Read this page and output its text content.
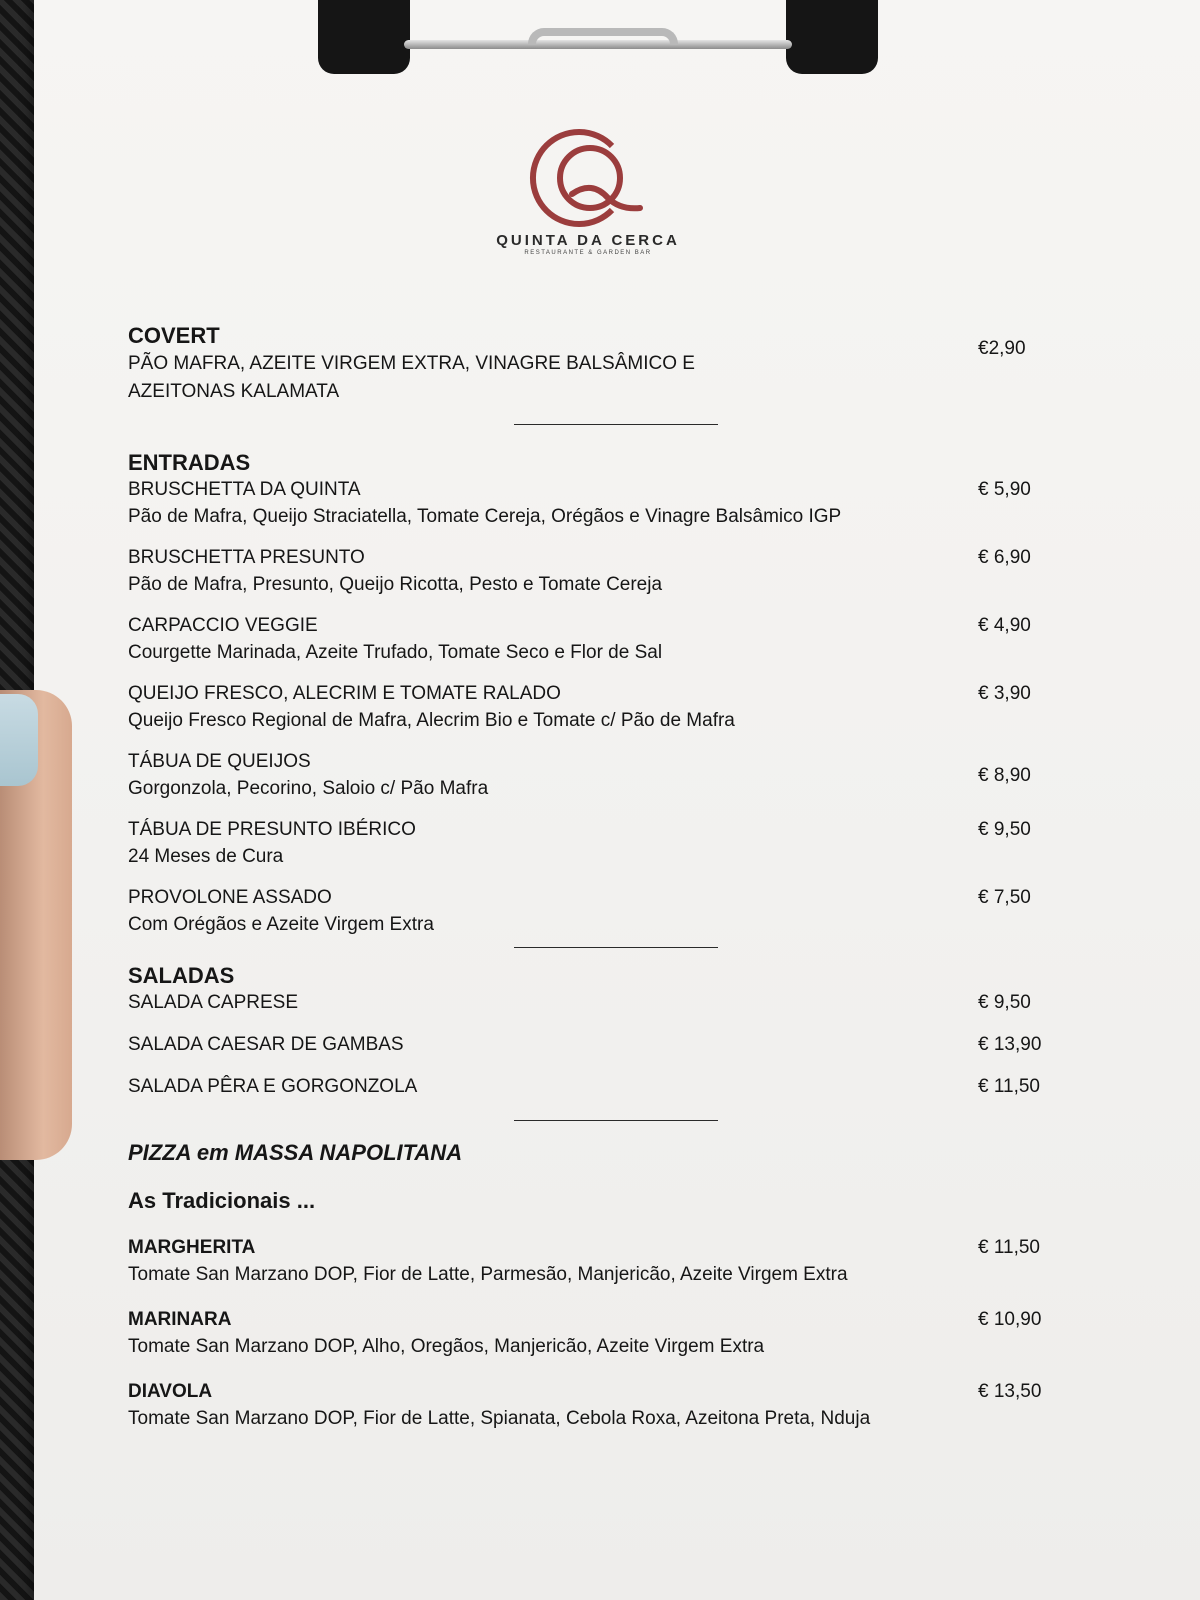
QUINTA DA CERCA
RESTAURANTE & GARDEN BAR
COVERT
PÃO MAFRA, AZEITE VIRGEM EXTRA, VINAGRE BALSÂMICO E
AZEITONAS KALAMATA
€2,90
ENTRADAS
BRUSCHETTA DA QUINTA
Pão de Mafra, Queijo Straciatella, Tomate Cereja, Orégãos e Vinagre Balsâmico IGP
€ 5,90
BRUSCHETTA PRESUNTO
Pão de Mafra, Presunto, Queijo Ricotta, Pesto e Tomate Cereja
€ 6,90
CARPACCIO VEGGIE
Courgette Marinada, Azeite Trufado, Tomate Seco e Flor de Sal
€ 4,90
QUEIJO FRESCO, ALECRIM E TOMATE RALADO
Queijo Fresco Regional de Mafra, Alecrim Bio e Tomate c/ Pão de Mafra
€ 3,90
TÁBUA DE QUEIJOS
Gorgonzola, Pecorino, Saloio c/ Pão Mafra
€ 8,90
TÁBUA DE PRESUNTO IBÉRICO
24 Meses de Cura
€ 9,50
PROVOLONE ASSADO
Com Orégãos e Azeite Virgem Extra
€ 7,50
SALADAS
SALADA CAPRESE	€ 9,50
SALADA CAESAR DE GAMBAS	€ 13,90
SALADA PÊRA E GORGONZOLA	€ 11,50
PIZZA em MASSA NAPOLITANA
As Tradicionais ...
MARGHERITA
Tomate San Marzano DOP, Fior de Latte, Parmesão, Manjericão, Azeite Virgem Extra
€ 11,50
MARINARA
Tomate San Marzano DOP, Alho, Oregãos, Manjericão, Azeite Virgem Extra
€ 10,90
DIAVOLA
Tomate San Marzano DOP, Fior de Latte, Spianata, Cebola Roxa, Azeitona Preta, Nduja
€ 13,50
